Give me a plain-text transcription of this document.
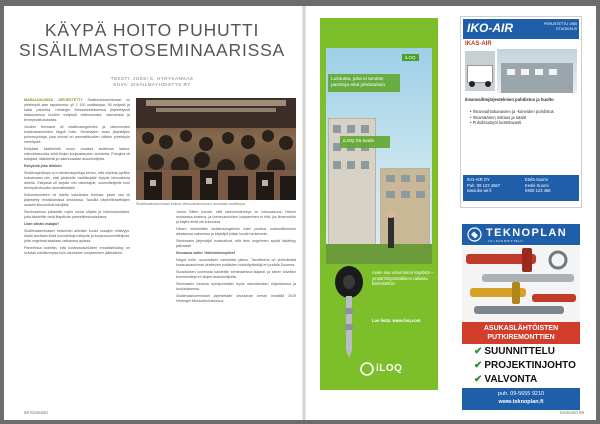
KÄYPÄ HOITO PUHUTTI
SISÄILMASTOSEMINAARISSA
TEKSTI: JUSSI S. HYRYKANGAS
KUVA: SISÄILMAYHDISTYS RY

MARALUKUISSA JÄRJESTETTY Sisäilmastoseminaari on yleisimpiä alan tapahtumia: yli 1 100 osallistujaa, 58 esitystä ja kaksi paneelia. Helsingin Messukeskuksessa järjestetyssä tilaisuudessa kuultiin esityksiä tutkimuksista, rakenteista ja terveysvaikutuksista.

Vuoden teemana oli sisäilmaongelmien ja rakennusten kosteusvaurioiden käypä hoito. Seminaarin avasi järjestäjien puheenjohtaja, joka korosti eri ammattikuntien välisen yhteistyön merkitystä.

Esitykset käsittelivät muun muassa sisäilman laatua, mikrobivaurioita sekä tilojen korjaustarpeen arviointia. Puhujina oli tutkijoita, lääkäreitä ja rakennusalan asiantuntijoita.

Esityksiä joka lähtöön

Sisäilmayhdistys ry:n toiminnanjohtaja kertoo, että ohjelma pyrittiin kokoamaan niin, että jokaiselle osallistujalle löytyisi kiinnostavia aiheita. Esityksiä oli tarjolla niin rakentajille, suunnittelijoille kuin terveydenhuollon ammattilaisille.

Kokonaisuuteen oli haettu kaksitoista teemaa, joista osa oli järjestetty rinnakkaisissa sessioissa. Tauoilla näytteilleasettajien osastot kiinnostivat kävijöitä.

Seminaarissa julkaistiin myös uusia ohjeita ja tutkimustuloksia, joita käsiteltiin vielä iltapäivän paneelikeskustelussa.

Liian vähän osaajia?

Sisäilmaseminaarin keskeisiin aiheisiin kuului osaajien riittävyys. Alalla tarvitaan lisää koulutettuja tutkijoita ja korjaussuunnittelijoita, jotta ongelmat saadaan ratkaistua ajoissa.

Paneelissa todettiin, että kosteusvaurioiden ennaltaehkäisy on selvästi edullisempaa kuin vaurioiden korjaaminen jälkikäteen.

Sisäilmastoseminaari kokosi Messukeskukseen runsaasti osallistujia.

Jorma Säteri korosti, että rakennusterveys on kokonaisuus. Hänen mukaansa kosteus- ja homevaurioiden korjaaminen ei riitä, jos ilmanvaihto ja käyttö eivät ole kunnossa.

Hänen mielestään sisäilmaongelmiin tulisi puuttua mahdollisimman aikaisessa vaiheessa ja käyttäjiä pitäisi kuulla herkemmin.

Seminaarin järjestäjät muistuttivat, että tieto ongelmien syistä lisääntyy jatkuvasti.

Seuraava vaihe: Hoitotoimenpiteet

Käypä hoito -suosituksen valmistelu jatkuu. Tavoitteena on yhtenäistää kosteusvaurioista oireilevien potilaiden hoitokäytäntöjä eri puolilla Suomea.

Suosituksen luonnosta käsiteltiin seminaarissa laajasti, ja siihen toivottiin kommentteja eri alojen asiantuntijoilta.

Seminaarin tuloksia hyödynnetään myös rakentamisen ohjauksessa ja koulutuksessa.

Sisäilmastoseminaari järjestetään seuraavan kerran keväällä 2018 Helsingin Messukeskuksessa.

68 kiinteistö
iLOQ
Lukitusta, joka ei tarvitse paristoja eikä johdotuksia
iLOQ S5 avain
Avain saa virran lukon käytöstä – ympäristöystävällinen ratkaisu kiinteistöihin.
Lue lisää: www.iloq.com
iLOQ
IKO-AIR	PERUSTETTU 1985 ETUOIKEUS
IKAS-AIR
Ilmanvaihtojärjestelmien puhdistus ja huolto
• Ilmanvaihtokanavien ja -koneiden puhdistus
• Ilmamäärien mittaus ja säätö
• Puhdistustyöt luotettavasti
IKO-AIR OY
Puh. 09 123 4567
www.iko-air.fi
Etelä-Suomi
Keski-Suomi
0400 123 456
TEKNOPLAN
LVI-SUUNNITTELU
ASUKASLÄHTÖISTEN PUTKIREMONTTIEN
✔ SUUNNITTELU
✔ PROJEKTINJOHTO
✔ VALVONTA
puh. 09-5655 9210
www.teknoplan.fi
kiinteistö 69
